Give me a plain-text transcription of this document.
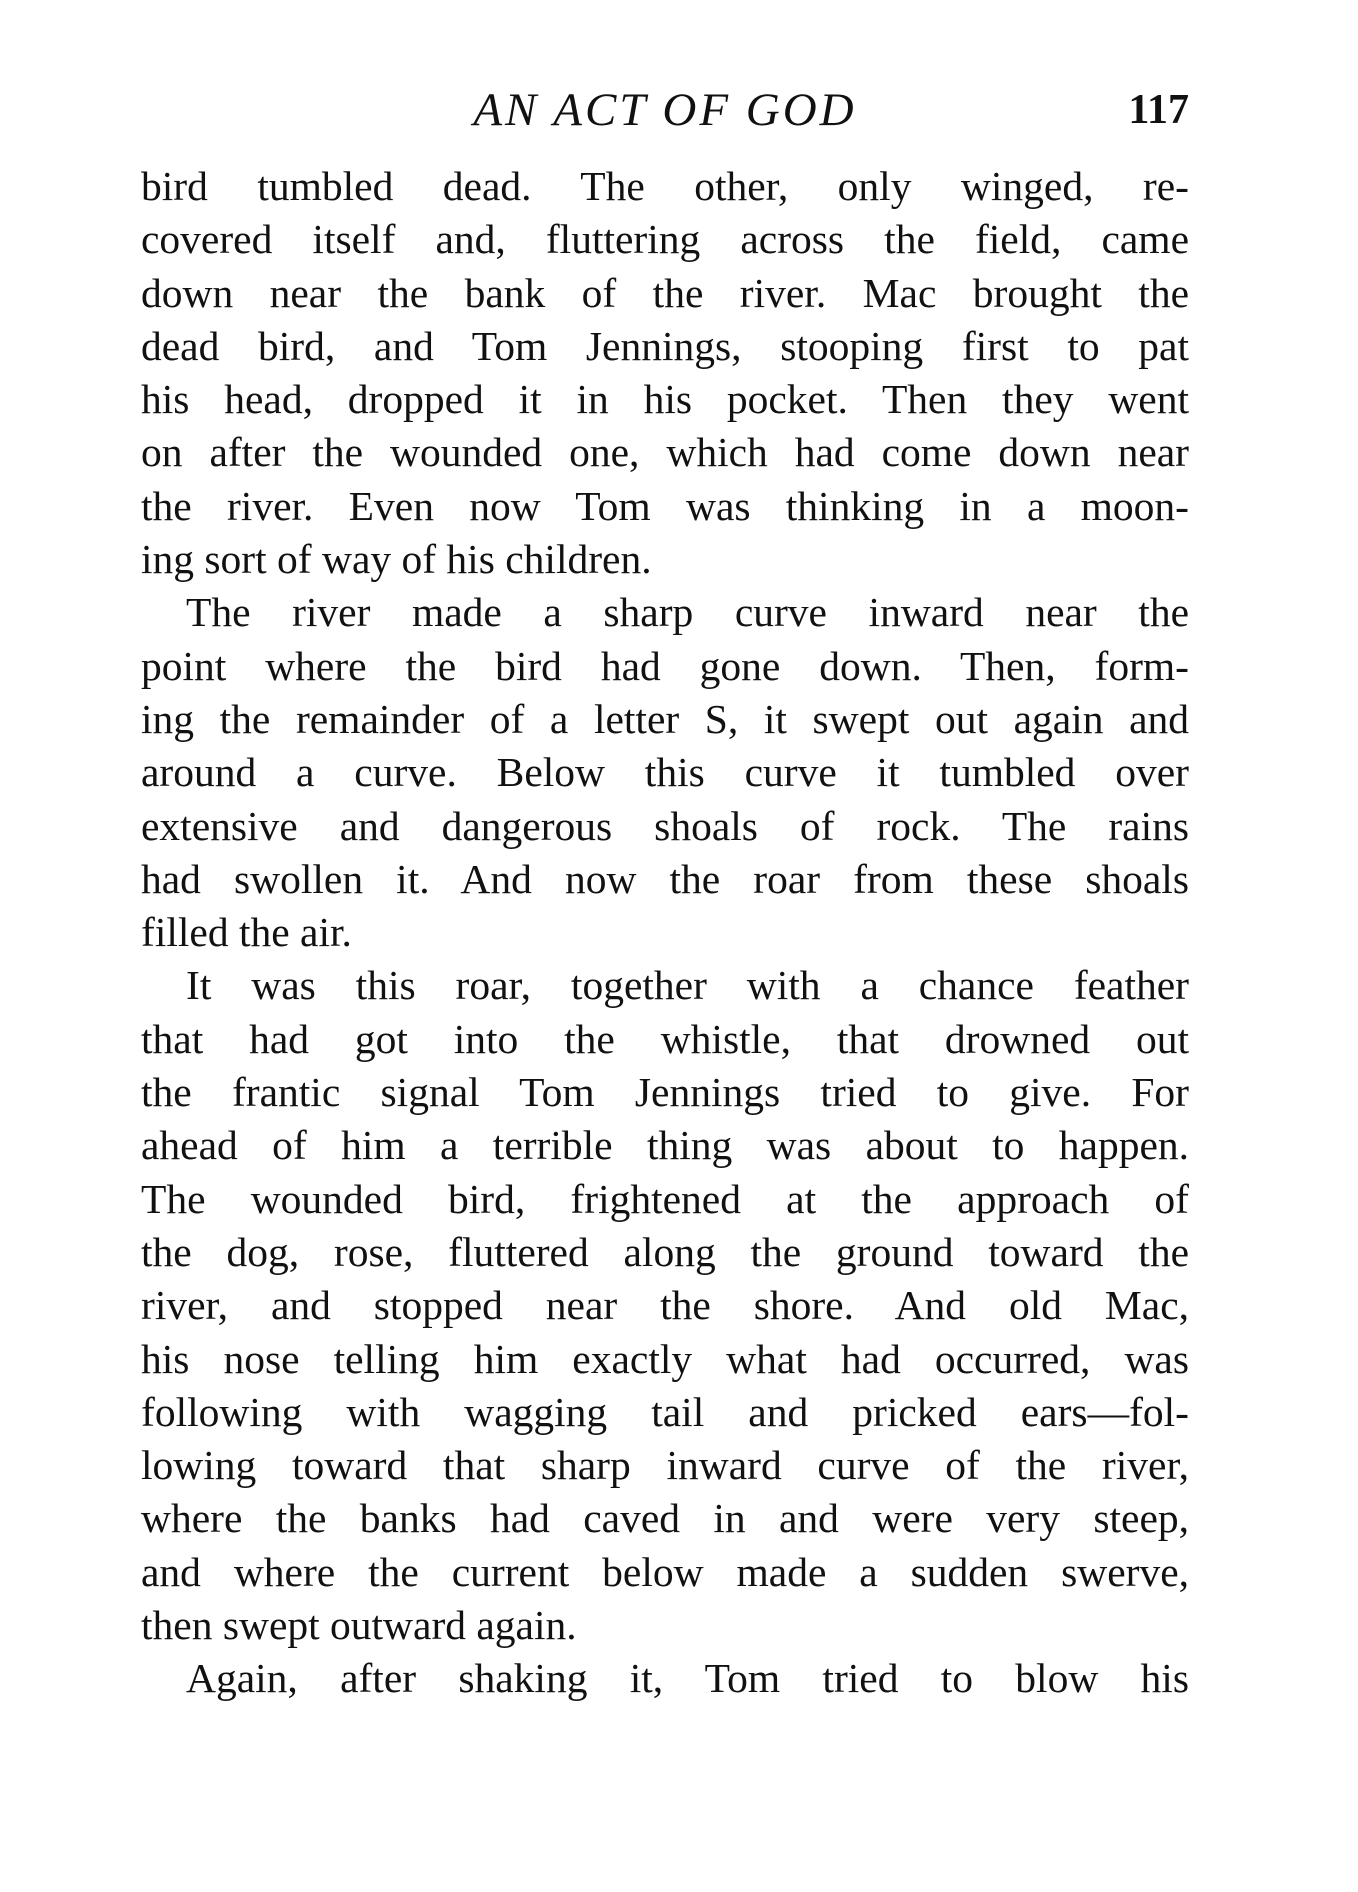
AN ACT OF GOD	117
bird tumbled dead. The other, only winged, re-
covered itself and, fluttering across the field, came
down near the bank of the river. Mac brought the
dead bird, and Tom Jennings, stooping first to pat
his head, dropped it in his pocket. Then they went
on after the wounded one, which had come down near
the river. Even now Tom was thinking in a moon-
ing sort of way of his children.
The river made a sharp curve inward near the
point where the bird had gone down. Then, form-
ing the remainder of a letter S, it swept out again and
around a curve. Below this curve it tumbled over
extensive and dangerous shoals of rock. The rains
had swollen it. And now the roar from these shoals
filled the air.
It was this roar, together with a chance feather
that had got into the whistle, that drowned out
the frantic signal Tom Jennings tried to give. For
ahead of him a terrible thing was about to happen.
The wounded bird, frightened at the approach of
the dog, rose, fluttered along the ground toward the
river, and stopped near the shore. And old Mac,
his nose telling him exactly what had occurred, was
following with wagging tail and pricked ears—fol-
lowing toward that sharp inward curve of the river,
where the banks had caved in and were very steep,
and where the current below made a sudden swerve,
then swept outward again.
Again, after shaking it, Tom tried to blow his
